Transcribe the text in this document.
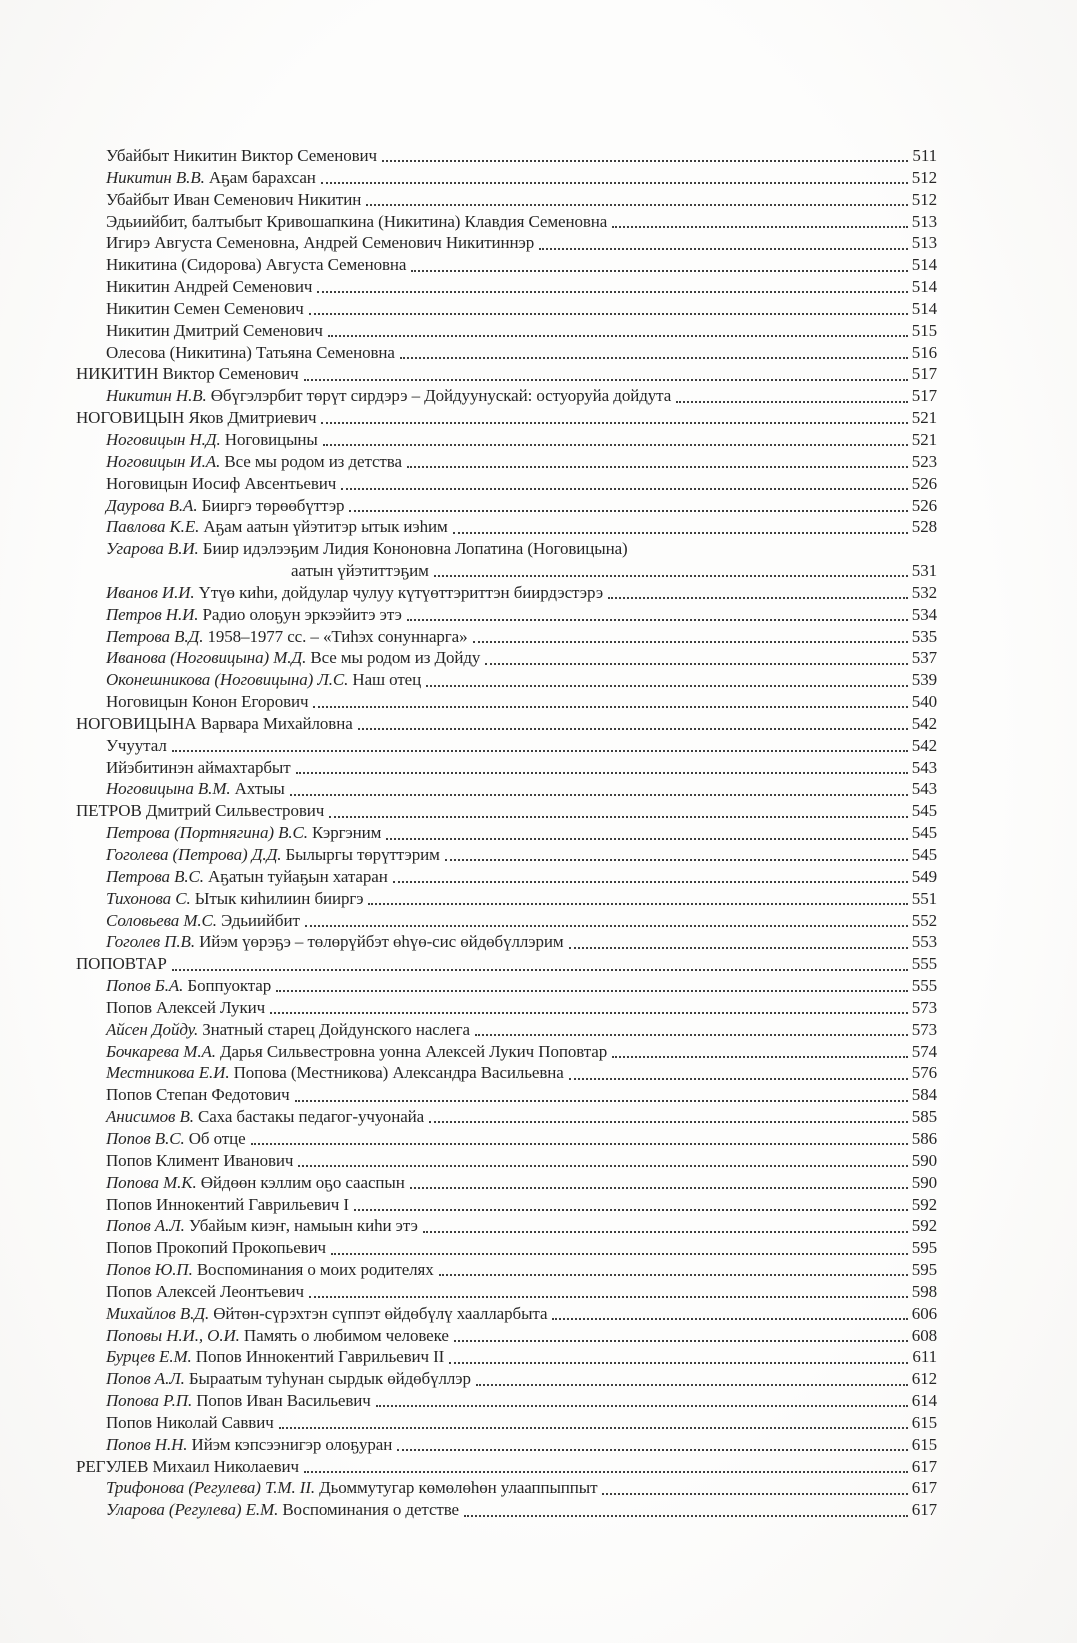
Убайбыт Никитин Виктор Семенович	511
Никитин В.В. Аҕам барахсан	512
Убайбыт Иван Семенович Никитин	512
Эдьиийбит, балтыбыт Кривошапкина (Никитина) Клавдия Семеновна	513
Игирэ Августа Семеновна, Андрей Семенович Никитиннэр	513
Никитина (Сидорова) Августа Семеновна	514
Никитин Андрей Семенович	514
Никитин Семен Семенович	514
Никитин Дмитрий Семенович	515
Олесова (Никитина) Татьяна Семеновна	516
НИКИТИН Виктор Семенович	517
Никитин Н.В. Өбүгэлэрбит төрүт сирдэрэ – Дойдуунускай: остуоруйа дойдута	517
НОГОВИЦЫН Яков Дмитриевич	521
Ноговицын Н.Д. Ноговицыны	521
Ноговицын И.А. Все мы родом из детства	523
Ноговицын Иосиф Авсентьевич	526
Даурова В.А. Бииргэ төрөөбүттэр	526
Павлова К.Е. Аҕам аатын үйэтитэр ытык иэһим	528
Угарова В.И. Биир идэлээҕим Лидия Кононовна Лопатина (Ноговицына)
аатын үйэтиттэҕим	531
Иванов И.И. Үтүө киһи, дойдулар чулуу күтүөттэриттэн биирдэстэрэ	532
Петров Н.И. Радио олоҕун эркээйитэ этэ	534
Петрова В.Д. 1958–1977 сс. – «Тиһэх сонуннарга»	535
Иванова (Ноговицына) М.Д. Все мы родом из Дойду	537
Оконешникова (Ноговицына) Л.С. Наш отец	539
Ноговицын Конон Егорович	540
НОГОВИЦЫНА Варвара Михайловна	542
Учуутал	542
Ийэбитинэн аймахтарбыт	543
Ноговицына В.М. Ахтыы	543
ПЕТРОВ Дмитрий Сильвестрович	545
Петрова (Портнягина) В.С. Кэргэним	545
Гоголева (Петрова) Д.Д. Былыргы төрүттэрим	545
Петрова В.С. Аҕатын туйаҕын хатаран	549
Тихонова С. Ытык киһилиин бииргэ	551
Соловьева М.С. Эдьиийбит	552
Гоголев П.В. Ийэм үөрэҕэ – төлөрүйбэт өһүө-сис өйдөбүллэрим	553
ПОПОВТАР	555
Попов Б.А. Боппуоктар	555
Попов Алексей Лукич	573
Айсен Дойду. Знатный старец Дойдунского наслега	573
Бочкарева М.А. Дарья Сильвестровна уонна Алексей Лукич Поповтар	574
Местникова Е.И. Попова (Местникова) Александра Васильевна	576
Попов Степан Федотович	584
Анисимов В. Саха бастакы педагог-учуонайа	585
Попов В.С. Об отце	586
Попов Климент Иванович	590
Попова М.К. Өйдөөн кэллим оҕо сааспын	590
Попов Иннокентий Гаврильевич I	592
Попов А.Л. Убайым киэҥ, намыын киһи этэ	592
Попов Прокопий Прокопьевич	595
Попов Ю.П. Воспоминания о моих родителях	595
Попов Алексей Леонтьевич	598
Михайлов В.Д. Өйтөн-сүрэхтэн сүппэт өйдөбүлү хаалларбыта	606
Поповы Н.И., О.И. Память о любимом человеке	608
Бурцев Е.М. Попов Иннокентий Гаврильевич II	611
Попов А.Л. Быраатым туһунан сырдык өйдөбүллэр	612
Попова Р.П. Попов Иван Васильевич	614
Попов Николай Саввич	615
Попов Н.Н. Ийэм кэпсээнигэр олоҕуран	615
РЕГУЛЕВ Михаил Николаевич	617
Трифонова (Регулева) Т.М. II. Дьоммутугар көмөлөһөн улааппыппыт	617
Уларова (Регулева) Е.М. Воспоминания о детстве	617
